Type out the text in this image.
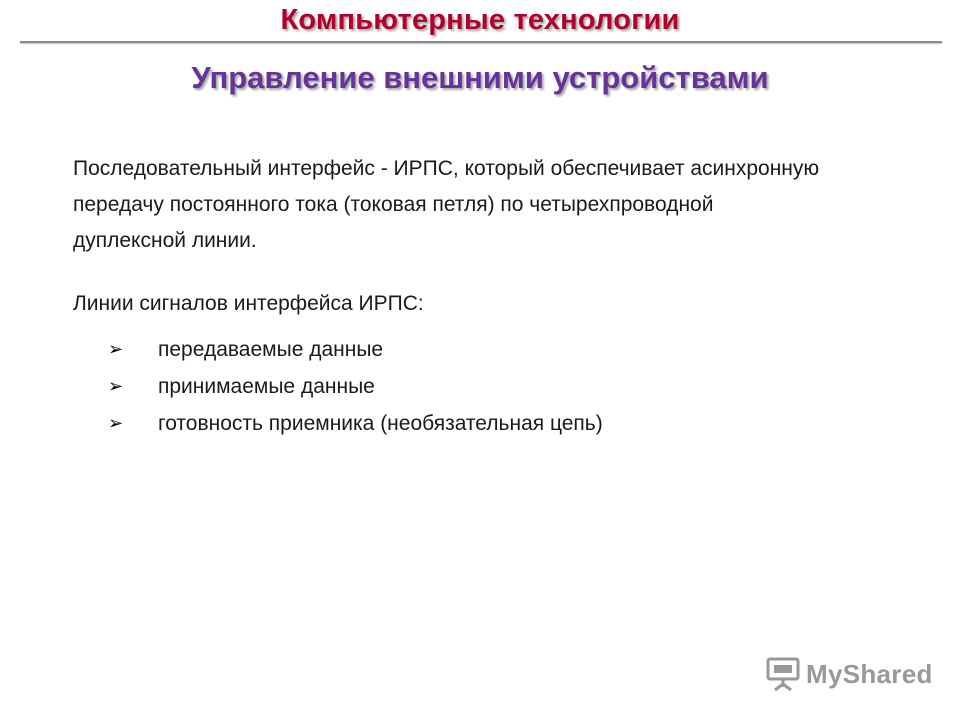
Компьютерные технологии
Управление внешними устройствами
Последовательный интерфейс - ИРПС, который обеспечивает асинхронную
передачу постоянного тока (токовая петля) по четырехпроводной
дуплексной линии.
Линии сигналов интерфейса ИРПС:
➢	передаваемые данные
➢	принимаемые данные
➢	готовность приемника (необязательная цепь)
MyShared
